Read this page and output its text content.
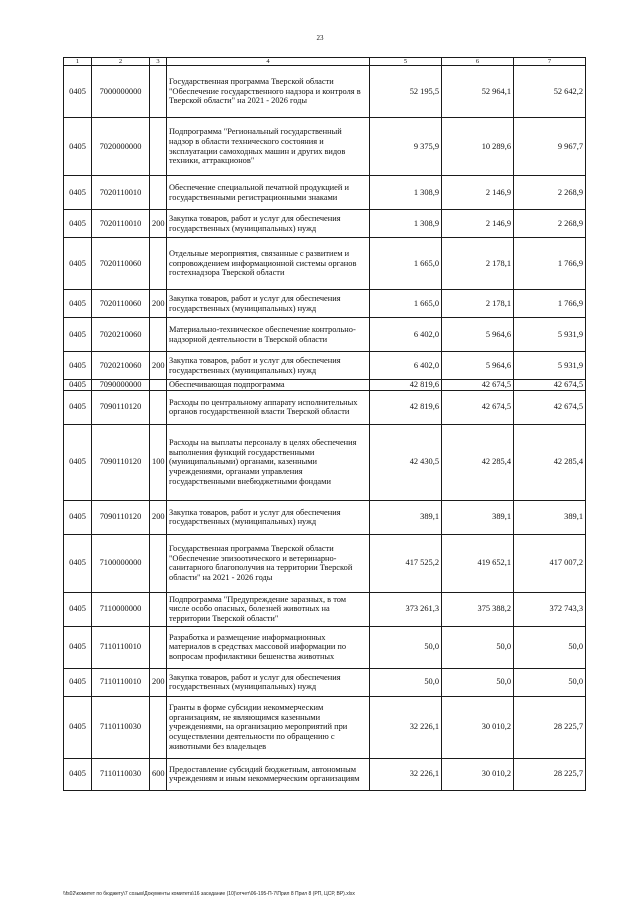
23
1	2	3	4	5	6	7
0405	7000000000		Государственная программа Тверской области "Обеспечение государственного надзора и контроля в Тверской области" на 2021 - 2026 годы	52 195,5	52 964,1	52 642,2
0405	7020000000		Подпрограмма "Региональный государственный надзор в области технического состояния и эксплуатации самоходных машин и других видов техники, аттракционов"	9 375,9	10 289,6	9 967,7
0405	7020110010		Обеспечение специальной печатной продукцией и государственными регистрационными знаками	1 308,9	2 146,9	2 268,9
0405	7020110010	200	Закупка товаров, работ и услуг для обеспечения государственных (муниципальных) нужд	1 308,9	2 146,9	2 268,9
0405	7020110060		Отдельные мероприятия, связанные с развитием и сопровождением информационной системы органов гостехнадзора Тверской области	1 665,0	2 178,1	1 766,9
0405	7020110060	200	Закупка товаров, работ и услуг для обеспечения государственных (муниципальных) нужд	1 665,0	2 178,1	1 766,9
0405	7020210060		Материально-техническое обеспечение контрольно-надзорной деятельности в Тверской области	6 402,0	5 964,6	5 931,9
0405	7020210060	200	Закупка товаров, работ и услуг для обеспечения государственных (муниципальных) нужд	6 402,0	5 964,6	5 931,9
0405	7090000000		Обеспечивающая подпрограмма	42 819,6	42 674,5	42 674,5
0405	7090110120		Расходы по центральному аппарату исполнительных органов государственной власти Тверской области	42 819,6	42 674,5	42 674,5
0405	7090110120	100	Расходы на выплаты персоналу в целях обеспечения выполнения функций государственными (муниципальными) органами, казенными учреждениями, органами управления государственными внебюджетными фондами	42 430,5	42 285,4	42 285,4
0405	7090110120	200	Закупка товаров, работ и услуг для обеспечения государственных (муниципальных) нужд	389,1	389,1	389,1
0405	7100000000		Государственная программа Тверской области "Обеспечение эпизоотического и ветеринарно-санитарного благополучия на территории Тверской области" на 2021 - 2026 годы	417 525,2	419 652,1	417 007,2
0405	7110000000		Подпрограмма "Предупреждение заразных, в том числе особо опасных, болезней животных на территории Тверской области"	373 261,3	375 388,2	372 743,3
0405	7110110010		Разработка и размещение информационных материалов в средствах массовой информации по вопросам профилактики бешенства животных	50,0	50,0	50,0
0405	7110110010	200	Закупка товаров, работ и услуг для обеспечения государственных (муниципальных) нужд	50,0	50,0	50,0
0405	7110110030		Гранты в форме субсидии некоммерческим организациям, не являющимся казенными учреждениями, на организацию мероприятий при осуществлении деятельности по обращению с животными без владельцев	32 226,1	30 010,2	28 225,7
0405	7110110030	600	Предоставление субсидий бюджетным, автономным учреждениям и иным некоммерческим организациям	32 226,1	30 010,2	28 225,7
\\fs02\комитет по бюджету\7 созыв\Документы комитета\16 заседание (10)\отчет\06-195-П-7\Прил 8 Прил 8 (РП, ЦСР, ВР).xlsx
